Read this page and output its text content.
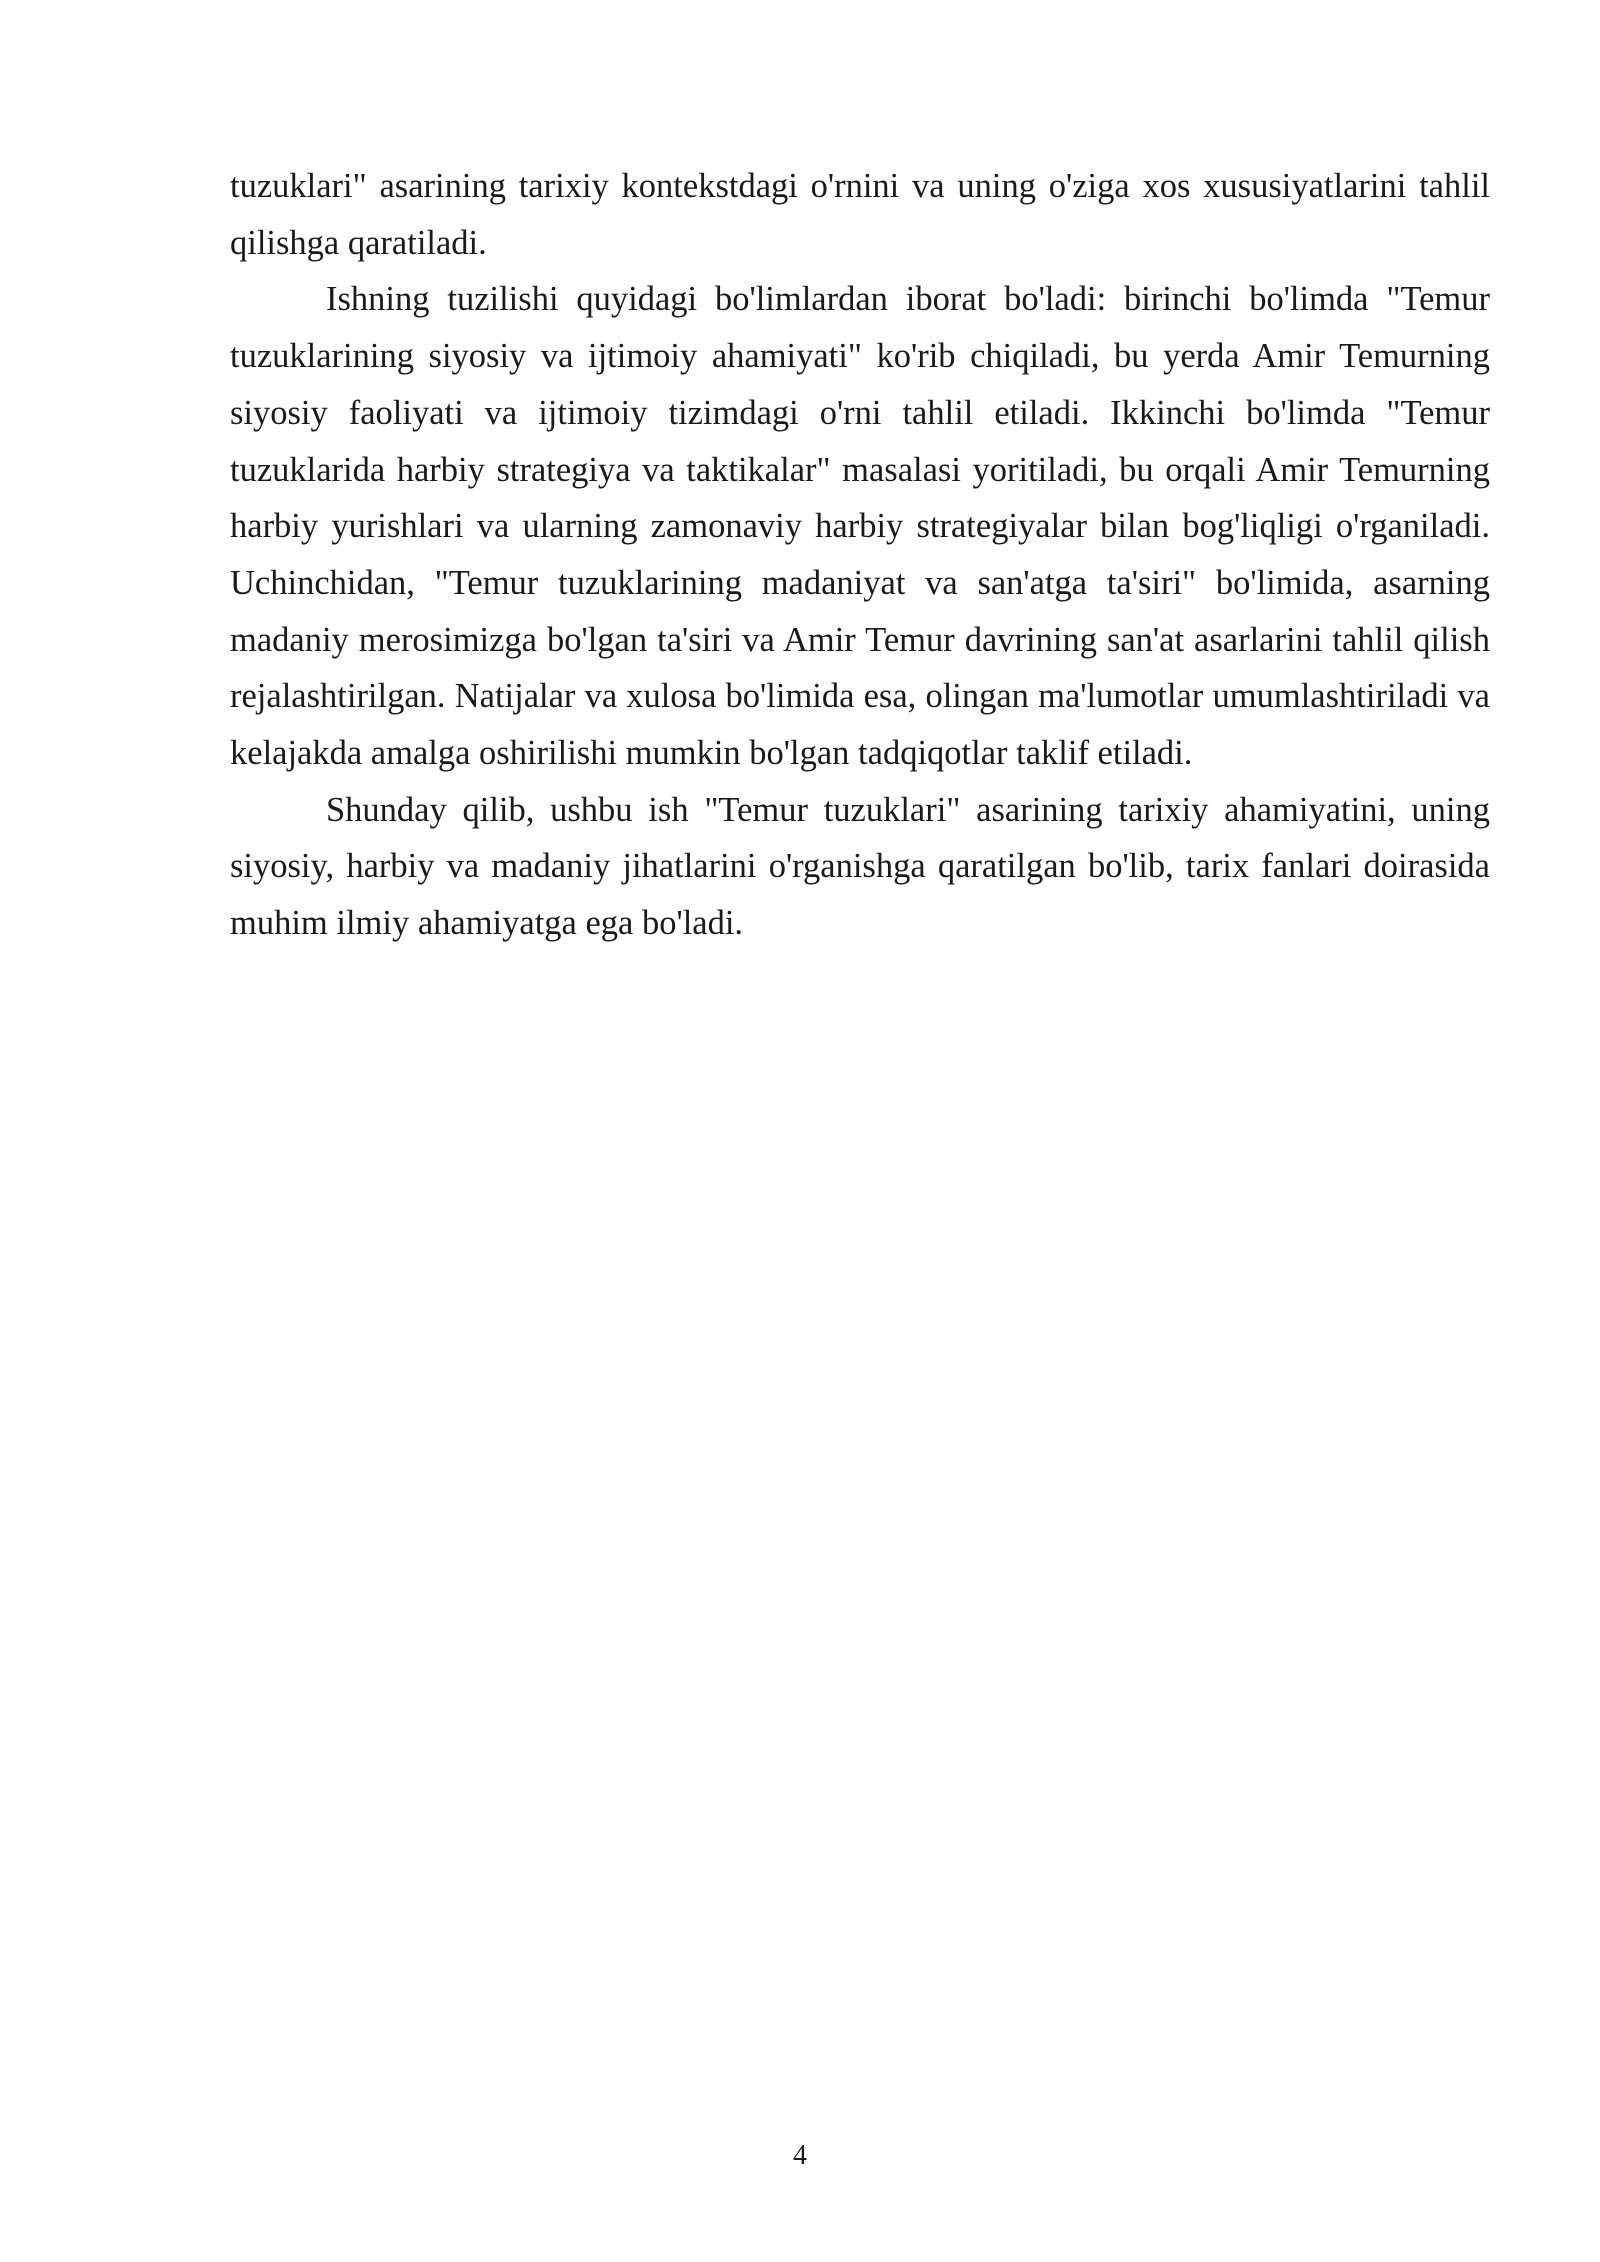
tuzuklari" asarining tarixiy kontekstdagi o'rnini va uning o'ziga xos xususiyatlarini tahlil qilishga qaratiladi.

Ishning tuzilishi quyidagi bo'limlardan iborat bo'ladi: birinchi bo'limda "Temur tuzuklarining siyosiy va ijtimoiy ahamiyati" ko'rib chiqiladi, bu yerda Amir Temurning siyosiy faoliyati va ijtimoiy tizimdagi o'rni tahlil etiladi. Ikkinchi bo'limda "Temur tuzuklarida harbiy strategiya va taktikalar" masalasi yoritiladi, bu orqali Amir Temurning harbiy yurishlari va ularning zamonaviy harbiy strategiyalar bilan bog'liqligi o'rganiladi. Uchinchidan, "Temur tuzuklarining madaniyat va san'atga ta'siri" bo'limida, asarning madaniy merosimizga bo'lgan ta'siri va Amir Temur davrining san'at asarlarini tahlil qilish rejalashtirilgan. Natijalar va xulosa bo'limida esa, olingan ma'lumotlar umumlashtiriladi va kelajakda amalga oshirilishi mumkin bo'lgan tadqiqotlar taklif etiladi.

Shunday qilib, ushbu ish "Temur tuzuklari" asarining tarixiy ahamiyatini, uning siyosiy, harbiy va madaniy jihatlarini o'rganishga qaratilgan bo'lib, tarix fanlari doirasida muhim ilmiy ahamiyatga ega bo'ladi.

4
